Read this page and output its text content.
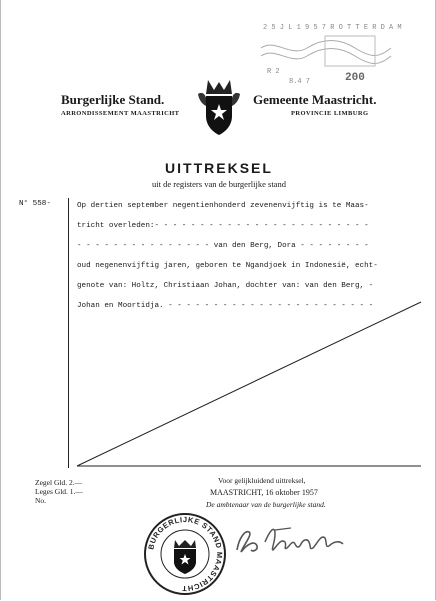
Burgerlijke Stand.
ARRONDISSEMENT MAASTRICHT
Gemeente Maastricht.
PROVINCIE LIMBURG
2 5 J L 1 9 5 7 R O T T E R D A M
R 2
8.4 7	200
UITTREKSEL
uit de registers van de burgerlijke stand
N° 558-	Op dertien september negentienhonderd zevenenvijftig is te Maas-
tricht overleden:- - - - - - - - - - - - - - - - - - - - - - - -
- - - - - - - - - - - - - - - van den Berg, Dora - - - - - - - -
oud negenenvijftig jaren, geboren te Ngandjoek in Indonesië, echt-
genote van: Holtz, Christiaan Johan, dochter van: van den Berg, -
Johan en Moortidja. - - - - - - - - - - - - - - - - - - - - - - -
Zegel Gld. 2.—
Leges Gld. 1.—
No.
Voor gelijkluidend uittreksel,
MAASTRICHT, 16 oktober 1957
De ambtenaar van de burgerlijke stand.
BURGERLIJKE STAND MAASTRICHT
